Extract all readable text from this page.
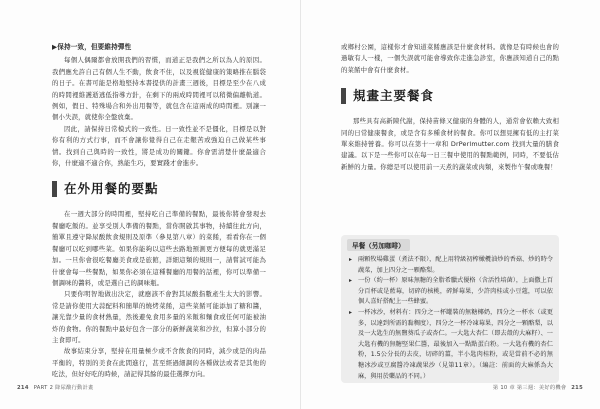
▶保持一致，但要維持彈性

每個人偶爾都會放開我們的習慣，而道正是我們之所以為人的原因。我們應允許自己有個人生不動，飲食不住，以及視從健康的策略推在腦袋的日子。在書可能是格地堅持本書提供的計畫三週後，目標是至少在八成的時間裡維護逝逃低指導方針，在剩下的兩成時間裡可以稍微偏離軌道。例如，假日、特殊場合和外出用餐等，就包含在這兩成的時間裡。別讓一個小失誤，就使你全盤放棄。

因此，請保持日常模式的一致性。日一致性並不是僵化，目標是以對你有利的方式行事，而不會讓你覺得自己在走艱苦或強迫自己做某些事情。找到自己與時的一致性，將是成功的關鍵。你會需清楚什麼最適合你，什麼適不適合你，熟能生巧，要實踐才會進步。

在外用餐的要點

在一週大部分的時間裡，堅持吃自己準備的餐點，最後你將會發現去餐廳吃飯的。並享受別人準備的餐點，當你開啟其事物，持續往此方向，簡單且遵守降尿酸飲食規則及原準（參見第八章）的菜餚，看看你在一個餐廳可以吃到哪些菜。如果你能夠以這些去路地預測更方便每的就更滿足加。一旦你會很吃餐廳美食或是旅館，詳細這類的規則一，請嘗試可能為什麼會每一些餐點，如果你必須在這種餐廳的用餐的話裡，你可以準備一個調味的醬料，或是選自己的調味瓶。

只要你明智地做出決定，就應該不會對其尿酸指數產生太大的影響。常是請你使用大蒜配料和簡單的燒烤菜餚，這些菜餚可能添加了糖和醬，讓光靠少量的食材熱量，然後避免食用多量的米飯和麵食或任何可能被油炸的食物。你的餐點中最好包含一部分的新鮮蔬菜和沙拉，但算小部分的主食即可。

故事結束分享，堅持在用量極少或不含飲食的同時，減少或是的肉品平衡的，特別的美食在此間進行，甚至經過細調的各種做法或者是其他的吃法，但好好吃的時候，請記得其餘的最佳選擇方向。

214 PART 2 降尿酸行動計畫

或鄉村公園，這樣你才會知道菜餚應該是什麼食材料。就像是有時候也會的過敏有人一樣，一個失誤就可能會導致你走進急診室，你應該知道自己的點的菜餚中會有什麼食材。

規畫主要餐食

那些具有高新陳代謝，保持苗條又健康的身體的人，通常會依賴大致相同的日常健康餐食，或是含有多種食材的餐食。你可以想見擁有低的主打菜單來維持營養。你可以在第十一章和 DrPerlmutter.com 找到大量的膳食建議。以下是一些你可以在每一日三餐中使用的餐點範例，同時，不要低估新鮮的力量。你總是可以使用前一天煮的蔬菜或肉類，來製作午餐或晚餐！

早餐（另加咖啡）
▸ 兩顆牧場雞蛋（煮法不限），配上用特級初榨橄欖油炒的香菇、炒的時令蔬菜，加上四分之一顆酪梨。
▸ 一份（約一杯）原味無糖的全脂希臘式優格（含活性培菌），上面撒上百分百杯或是藍莓，切碎的核桃，碎鮮莓果，少許肉桂或小豆蔻，可以依個人喜好搭配上一些蜂蜜。
▸ 一杯冰沙，材料有：四分之一杯罐裝的無糖椰奶，四分之一杯水（或更多，以達到所需的黏稠度），四分之一杯冷凍莓果，四分之一顆酪梨，以及一大匙生的無鹽葵瓜子或杏仁。一大匙大杏仁（即去殼的大麻籽）、一大匙有機的無糖堅果仁醬，最後加入一點點蛋白粉。一大匙有機的杏仁粉，1.5公分長的去皮，切碎的薑，半小匙肉桂粉，或是當前不必的無糖冰沙或豆腐醬冷凍蔬果沙（見第11章）。（編註：前面的大麻係為大麻，與用於藥品的不同。）
第 10 章 第三週：美好的機會 215
